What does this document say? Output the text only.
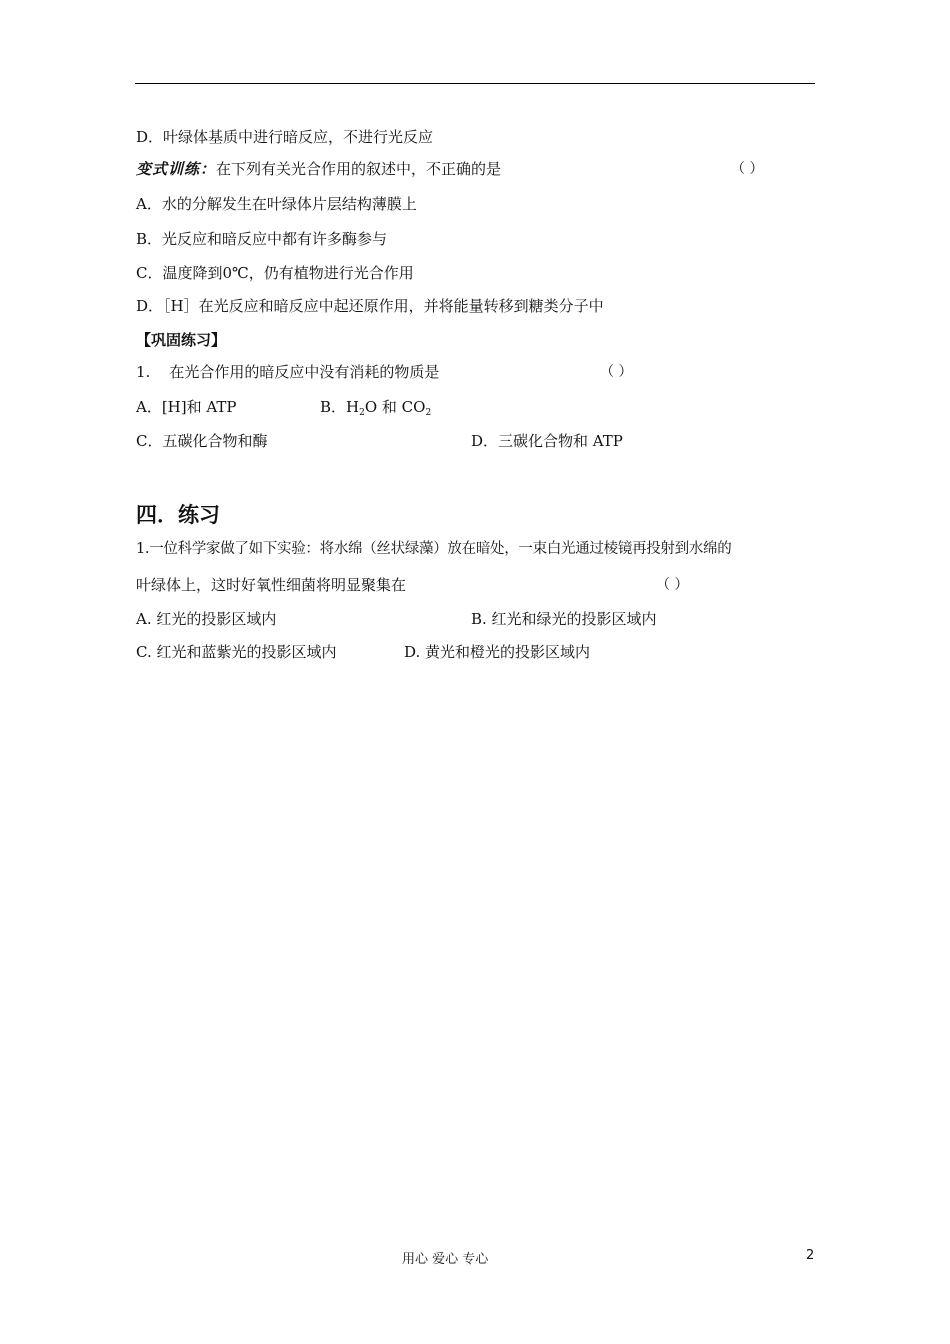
D．叶绿体基质中进行暗反应，不进行光反应
变式训练：在下列有关光合作用的叙述中，不正确的是	（ ）
A．水的分解发生在叶绿体片层结构薄膜上
B．光反应和暗反应中都有许多酶参与
C．温度降到0℃，仍有植物进行光合作用
D．［H］在光反应和暗反应中起还原作用，并将能量转移到糖类分子中
【巩固练习】
1. 在光合作用的暗反应中没有消耗的物质是	（ ）
A．[H]和 ATP	B．$H_2O$ 和 $CO_2$
C．五碳化合物和酶	D．三碳化合物和 ATP
四．练习
1.一位科学家做了如下实验：将水绵（丝状绿藻）放在暗处，一束白光通过棱镜再投射到水绵的
叶绿体上，这时好氧性细菌将明显聚集在	（ ）
A. 红光的投影区域内	B. 红光和绿光的投影区域内
C. 红光和蓝紫光的投影区域内	D. 黄光和橙光的投影区域内
用心 爱心 专心	2
